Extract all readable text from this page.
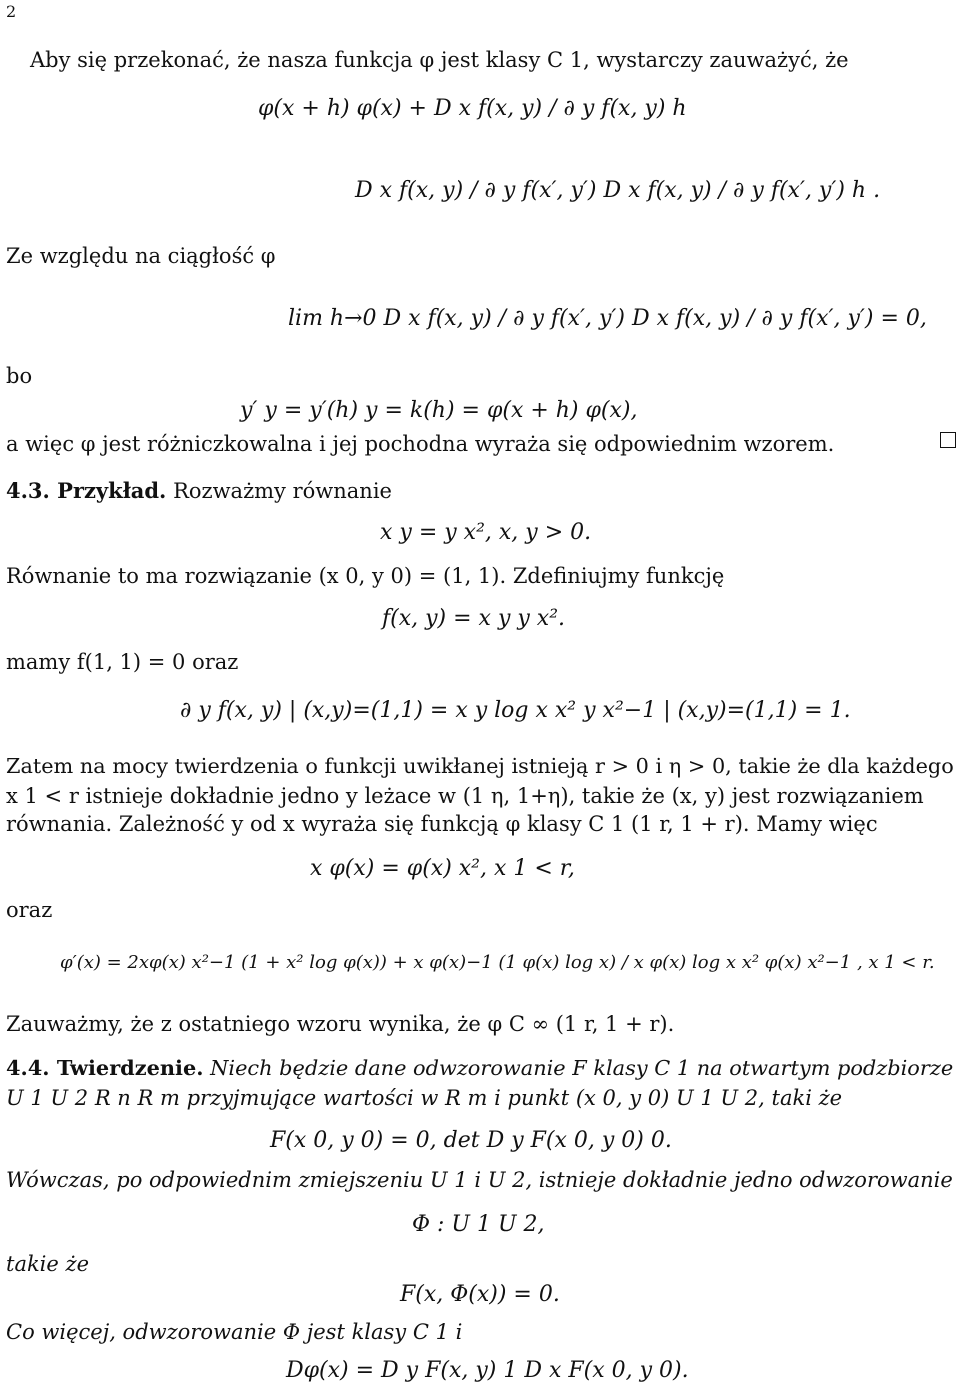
2
Aby się przekonać, że nasza funkcja φ jest klasy C 1, wystarczy zauważyć, że
φ(x + h) φ(x) + D x f(x, y) / ∂ y f(x, y) h
D x f(x, y) / ∂ y f(x′, y′) D x f(x, y) / ∂ y f(x′, y′) h .
Ze względu na ciągłość φ
lim h→0 D x f(x, y) / ∂ y f(x′, y′) D x f(x, y) / ∂ y f(x′, y′) = 0,
bo
y′ y = y′(h) y = k(h) = φ(x + h) φ(x),
a więc φ jest różniczkowalna i jej pochodna wyraża się odpowiednim wzorem.
4.3. Przykład. Rozważmy równanie
x y = y x², x, y > 0.
Równanie to ma rozwiązanie (x 0, y 0) = (1, 1). Zdefiniujmy funkcję
f(x, y) = x y y x².
mamy f(1, 1) = 0 oraz
∂ y f(x, y) | (x,y)=(1,1) = x y log x x² y x²−1 | (x,y)=(1,1) = 1.
Zatem na mocy twierdzenia o funkcji uwikłanej istnieją r > 0 i η > 0, takie że dla każdego
x 1 < r istnieje dokładnie jedno y leżace w (1 η, 1+η), takie że (x, y) jest rozwiązaniem
równania. Zależność y od x wyraża się funkcją φ klasy C 1 (1 r, 1 + r). Mamy więc
x φ(x) = φ(x) x², x 1 < r,
oraz
φ′(x) = 2xφ(x) x²−1 (1 + x² log φ(x)) + x φ(x)−1 (1 φ(x) log x) / x φ(x) log x x² φ(x) x²−1 , x 1 < r.
Zauważmy, że z ostatniego wzoru wynika, że φ C ∞ (1 r, 1 + r).
4.4. Twierdzenie. Niech będzie dane odwzorowanie F klasy C 1 na otwartym podzbiorze
U 1 U 2 R n R m przyjmujące wartości w R m i punkt (x 0, y 0) U 1 U 2, taki że
F(x 0, y 0) = 0, det D y F(x 0, y 0) 0.
Wówczas, po odpowiednim zmiejszeniu U 1 i U 2, istnieje dokładnie jedno odwzorowanie
Φ : U 1 U 2,
takie że
F(x, Φ(x)) = 0.
Co więcej, odwzorowanie Φ jest klasy C 1 i
Dφ(x) = D y F(x, y) 1 D x F(x 0, y 0).
